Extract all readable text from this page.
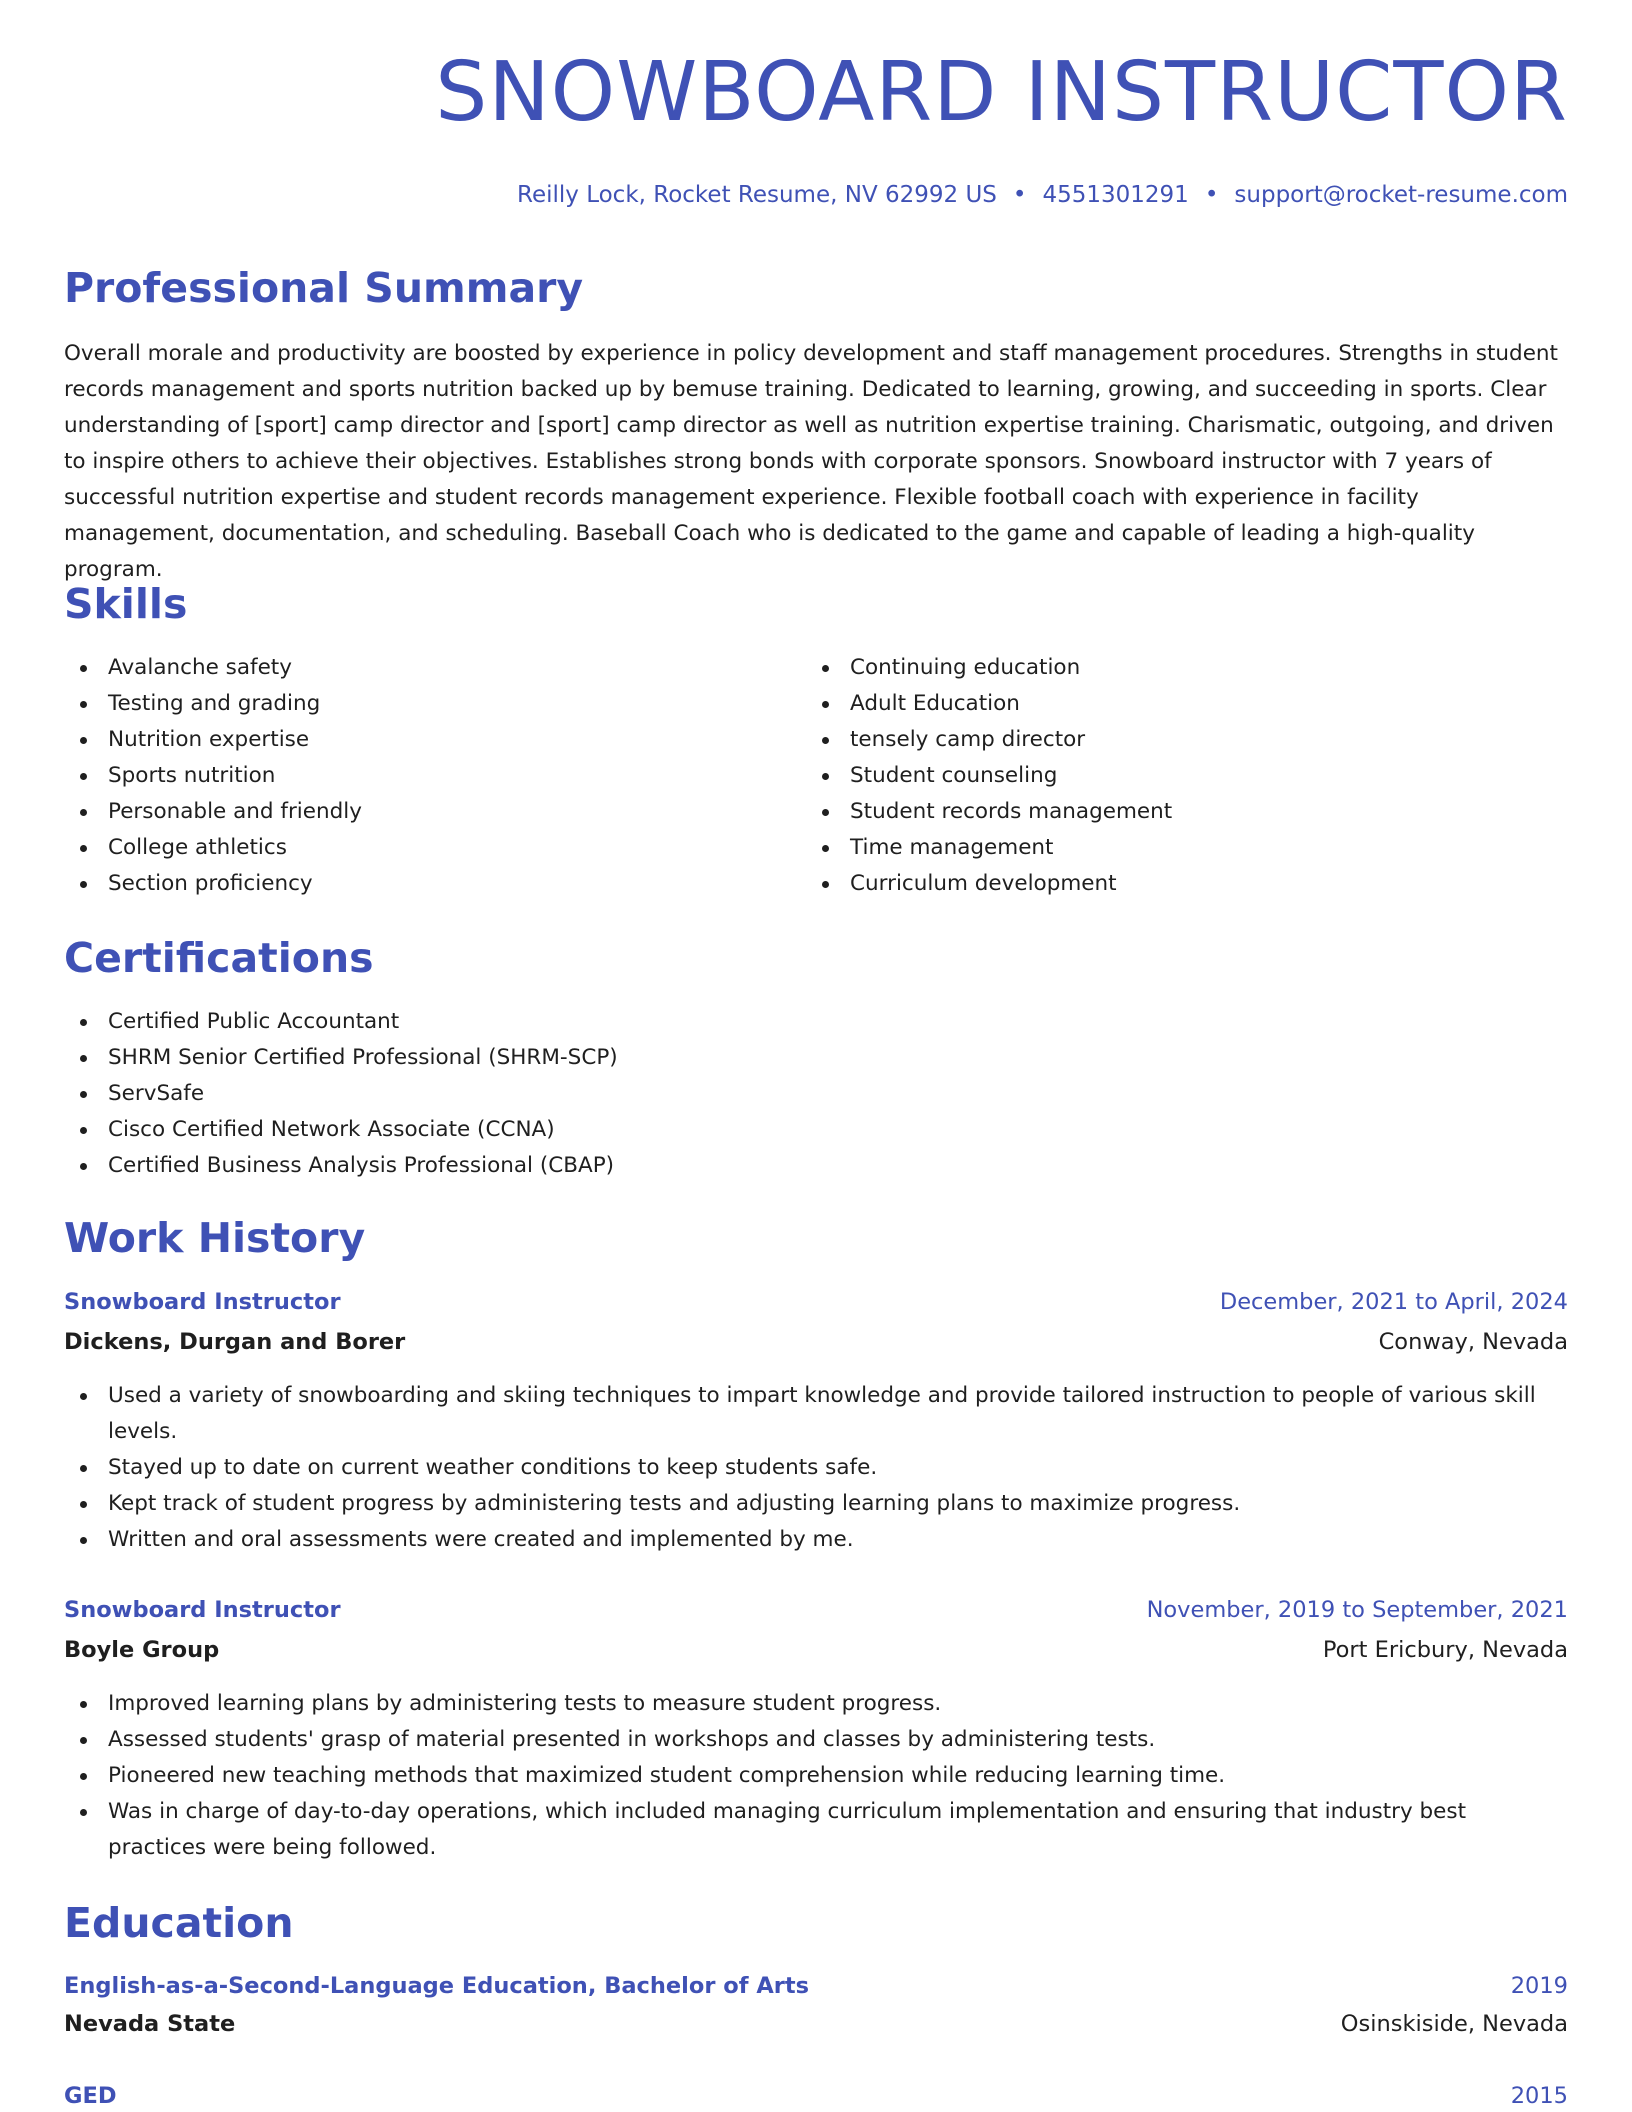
SNOWBOARD INSTRUCTOR
Reilly Lock, Rocket Resume, NV 62992 US • 4551301291 • support@rocket-resume.com
Professional Summary

Overall morale and productivity are boosted by experience in policy development and staff management procedures. Strengths in student records management and sports nutrition backed up by bemuse training. Dedicated to learning, growing, and succeeding in sports. Clear understanding of [sport] camp director and [sport] camp director as well as nutrition expertise training. Charismatic, outgoing, and driven to inspire others to achieve their objectives. Establishes strong bonds with corporate sponsors. Snowboard instructor with 7 years of successful nutrition expertise and student records management experience. Flexible football coach with experience in facility management, documentation, and scheduling. Baseball Coach who is dedicated to the game and capable of leading a high-quality program.

Skills
Avalanche safety
Testing and grading
Nutrition expertise
Sports nutrition
Personable and friendly
College athletics
Section proficiency
Continuing education
Adult Education
tensely camp director
Student counseling
Student records management
Time management
Curriculum development
Certifications
Certified Public Accountant
SHRM Senior Certified Professional (SHRM-SCP)
ServSafe
Cisco Certified Network Associate (CCNA)
Certified Business Analysis Professional (CBAP)
Work History
Snowboard Instructor	December, 2021 to April, 2024
Dickens, Durgan and Borer	Conway, Nevada
Used a variety of snowboarding and skiing techniques to impart knowledge and provide tailored instruction to people of various skill levels.
Stayed up to date on current weather conditions to keep students safe.
Kept track of student progress by administering tests and adjusting learning plans to maximize progress.
Written and oral assessments were created and implemented by me.
Snowboard Instructor	November, 2019 to September, 2021
Boyle Group	Port Ericbury, Nevada
Improved learning plans by administering tests to measure student progress.
Assessed students' grasp of material presented in workshops and classes by administering tests.
Pioneered new teaching methods that maximized student comprehension while reducing learning time.
Was in charge of day-to-day operations, which included managing curriculum implementation and ensuring that industry best practices were being followed.
Education
English-as-a-Second-Language Education, Bachelor of Arts	2019
Nevada State	Osinskiside, Nevada
GED	2015
